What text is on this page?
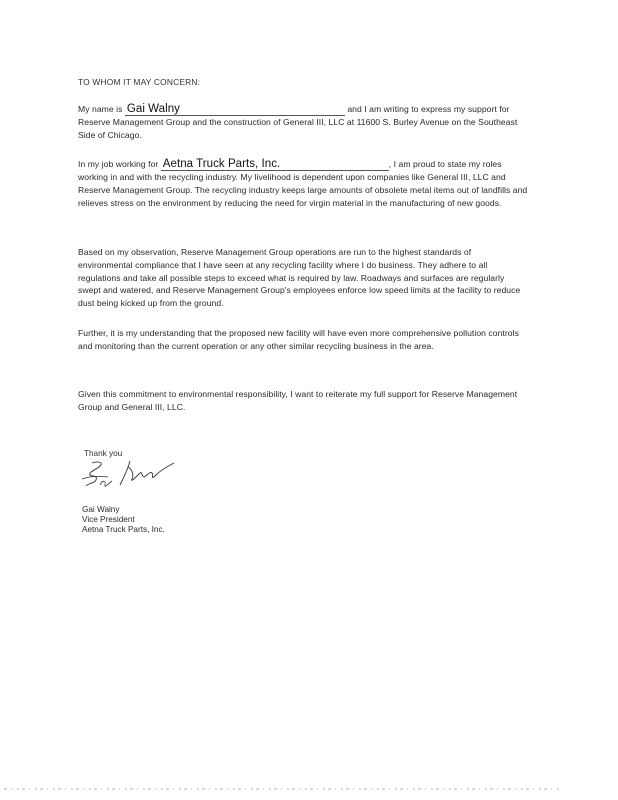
TO WHOM IT MAY CONCERN:
My name is Gai Walny	and I am writing to express my support for Reserve Management Group and the construction of General III, LLC at 11600 S. Burley Avenue on the Southeast Side of Chicago.
In my job working for Aetna Truck Parts, Inc.	, I am proud to state my roles working in and with the recycling industry. My livelihood is dependent upon companies like General III, LLC and Reserve Management Group. The recycling industry keeps large amounts of obsolete metal items out of landfills and relieves stress on the environment by reducing the need for virgin material in the manufacturing of new goods.
Based on my observation, Reserve Management Group operations are run to the highest standards of environmental compliance that I have seen at any recycling facility where I do business. They adhere to all regulations and take all possible steps to exceed what is required by law. Roadways and surfaces are regularly swept and watered, and Reserve Management Group's employees enforce low speed limits at the facility to reduce dust being kicked up from the ground.
Further, it is my understanding that the proposed new facility will have even more comprehensive pollution controls and monitoring than the current operation or any other similar recycling business in the area.
Given this commitment to environmental responsibility, I want to reiterate my full support for Reserve Management Group and General III, LLC.
Thank you
Gai Walny
Vice President
Aetna Truck Parts, Inc.
